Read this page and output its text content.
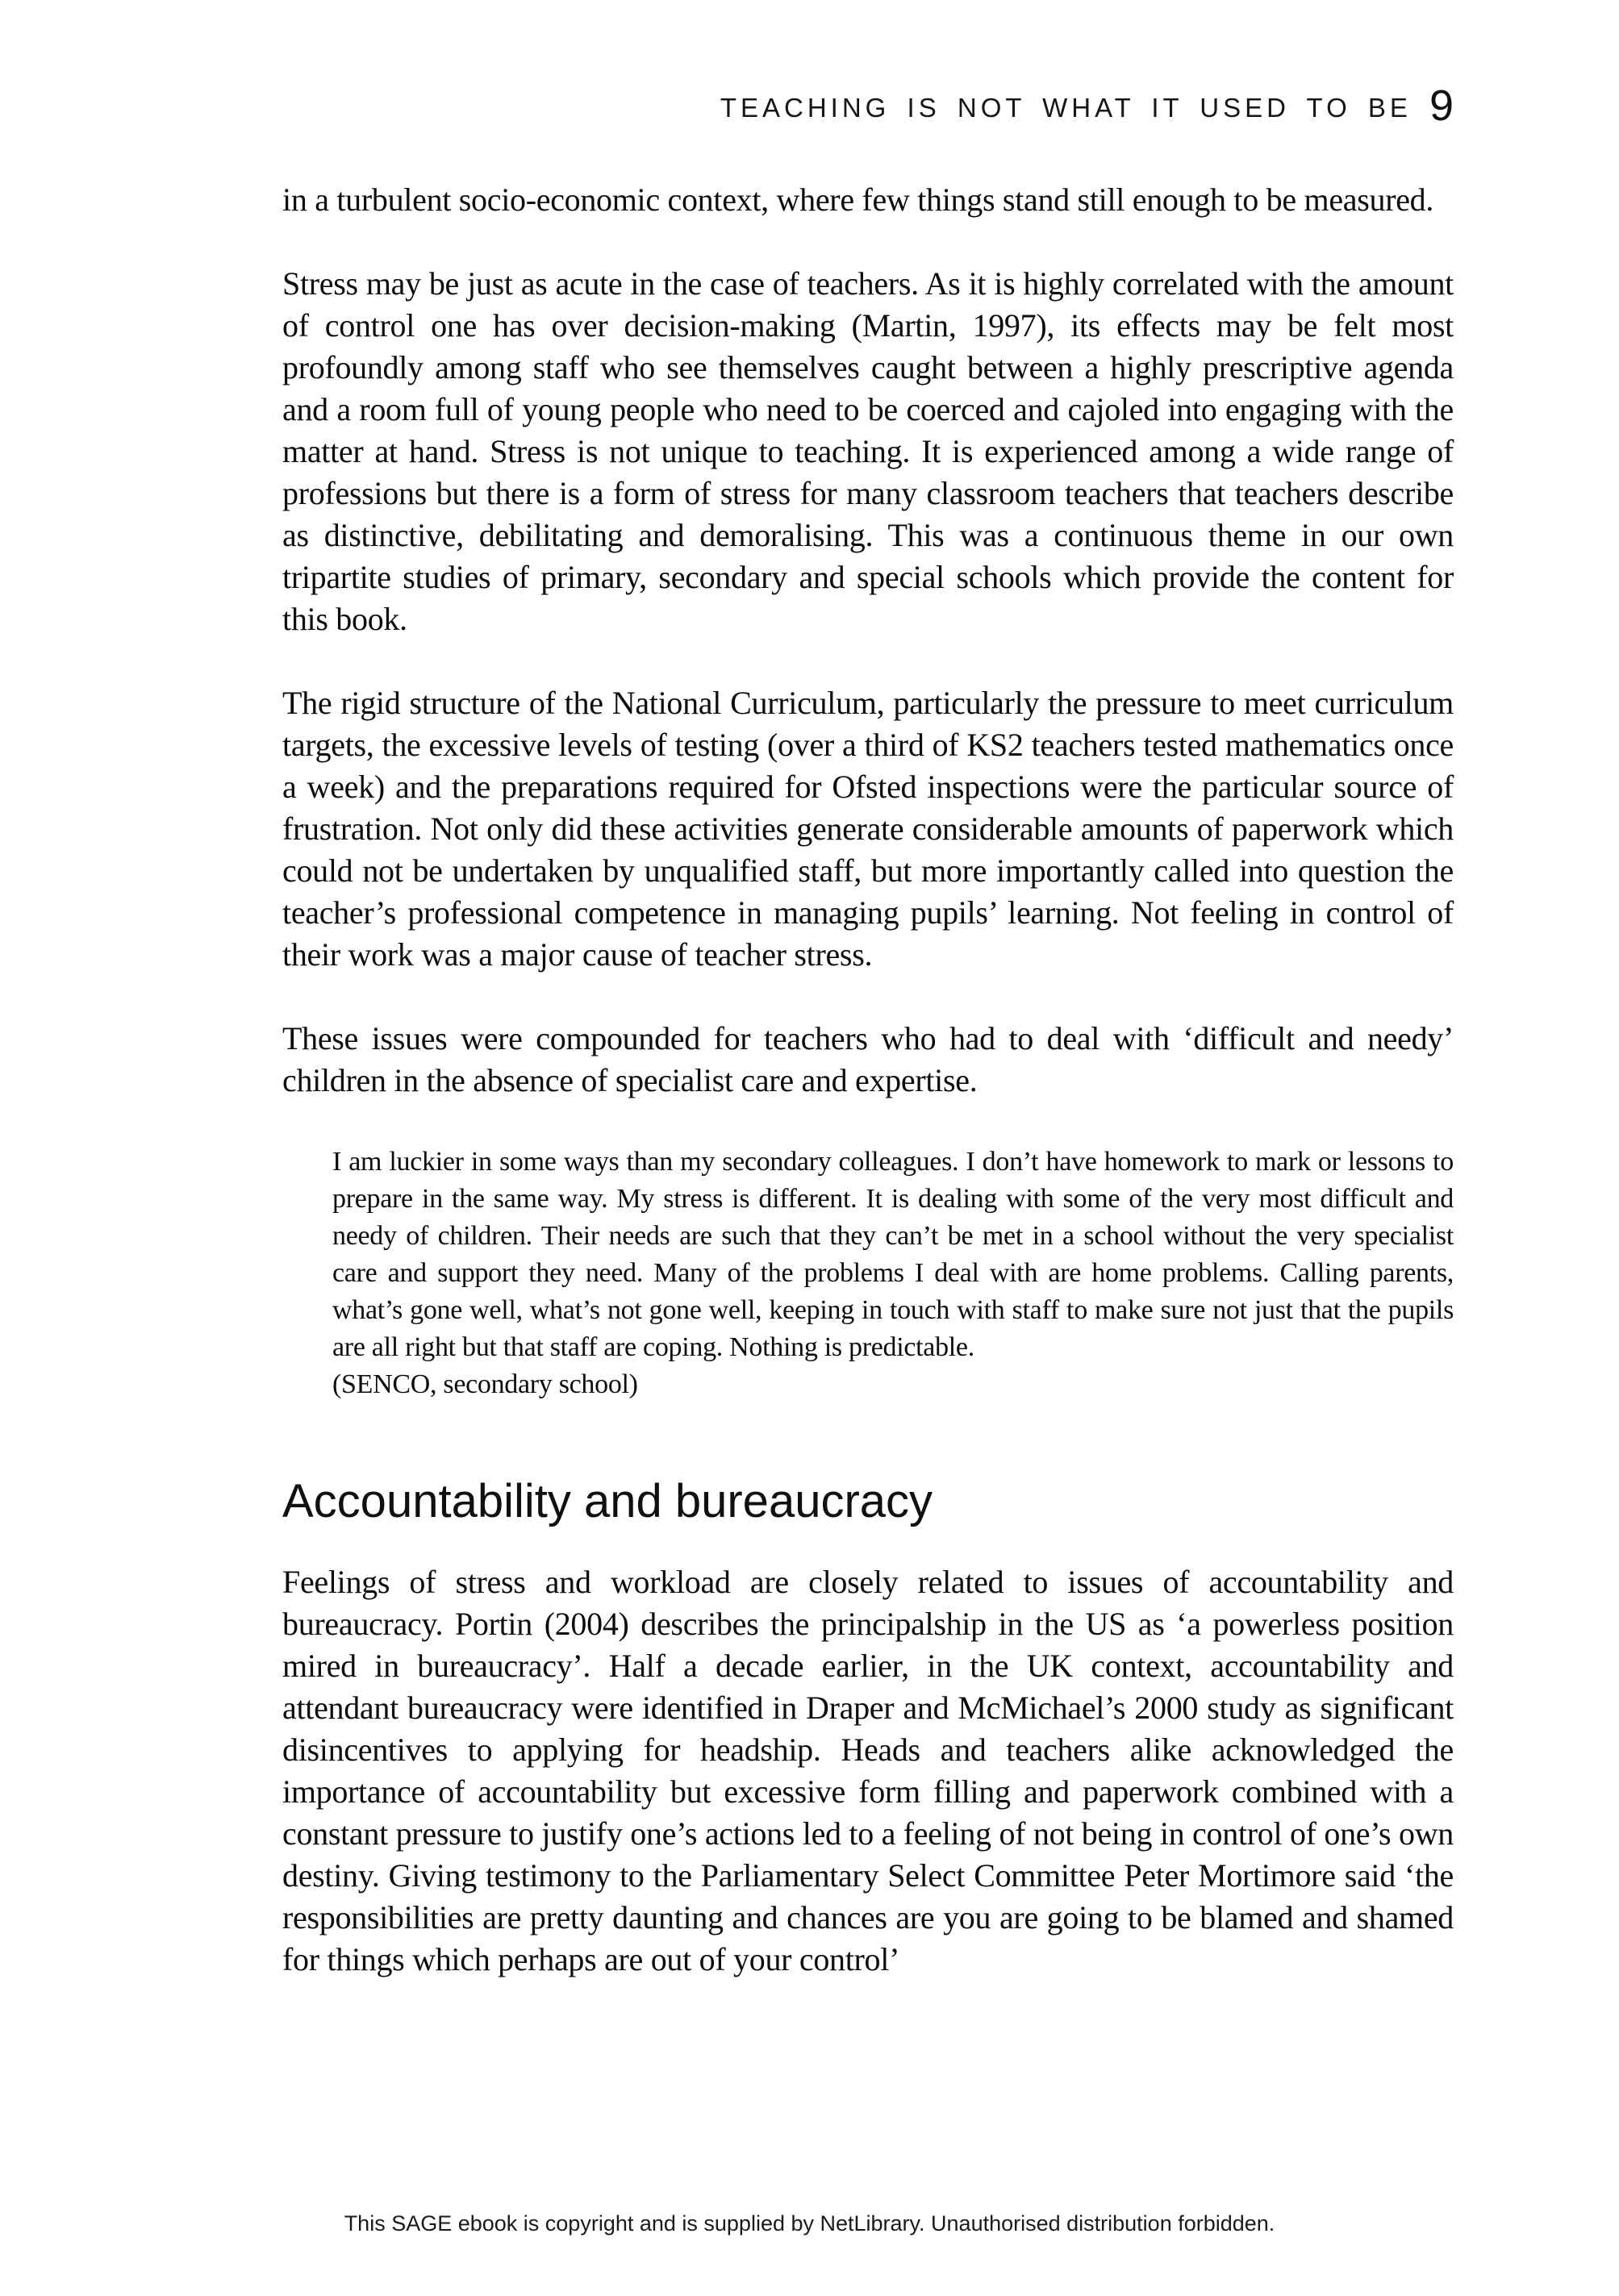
TEACHING IS NOT WHAT IT USED TO BE 9

in a turbulent socio-economic context, where few things stand still enough to be measured.

Stress may be just as acute in the case of teachers. As it is highly correlated with the amount of control one has over decision-making (Martin, 1997), its effects may be felt most profoundly among staff who see themselves caught between a highly prescriptive agenda and a room full of young people who need to be coerced and cajoled into engaging with the matter at hand. Stress is not unique to teaching. It is experienced among a wide range of professions but there is a form of stress for many classroom teachers that teachers describe as distinctive, debilitating and demoralising. This was a continuous theme in our own tripartite studies of primary, secondary and special schools which provide the content for this book.

The rigid structure of the National Curriculum, particularly the pressure to meet curriculum targets, the excessive levels of testing (over a third of KS2 teachers tested mathematics once a week) and the preparations required for Ofsted inspections were the particular source of frustration. Not only did these activities generate considerable amounts of paperwork which could not be undertaken by unqualified staff, but more importantly called into question the teacher’s professional competence in managing pupils’ learning. Not feeling in control of their work was a major cause of teacher stress.

These issues were compounded for teachers who had to deal with ‘difficult and needy’ children in the absence of specialist care and expertise.

I am luckier in some ways than my secondary colleagues. I don’t have homework to mark or lessons to prepare in the same way. My stress is different. It is dealing with some of the very most difficult and needy of children. Their needs are such that they can’t be met in a school without the very specialist care and support they need. Many of the problems I deal with are home problems. Calling parents, what’s gone well, what’s not gone well, keeping in touch with staff to make sure not just that the pupils are all right but that staff are coping. Nothing is predictable.
(SENCO, secondary school)
Accountability and bureaucracy

Feelings of stress and workload are closely related to issues of accountability and bureaucracy. Portin (2004) describes the principalship in the US as ‘a powerless position mired in bureaucracy’. Half a decade earlier, in the UK context, accountability and attendant bureaucracy were identified in Draper and McMichael’s 2000 study as significant disincentives to applying for headship. Heads and teachers alike acknowledged the importance of accountability but excessive form filling and paperwork combined with a constant pressure to justify one’s actions led to a feeling of not being in control of one’s own destiny. Giving testimony to the Parliamentary Select Committee Peter Mortimore said ‘the responsibilities are pretty daunting and chances are you are going to be blamed and shamed for things which perhaps are out of your control’

This SAGE ebook is copyright and is supplied by NetLibrary. Unauthorised distribution forbidden.
